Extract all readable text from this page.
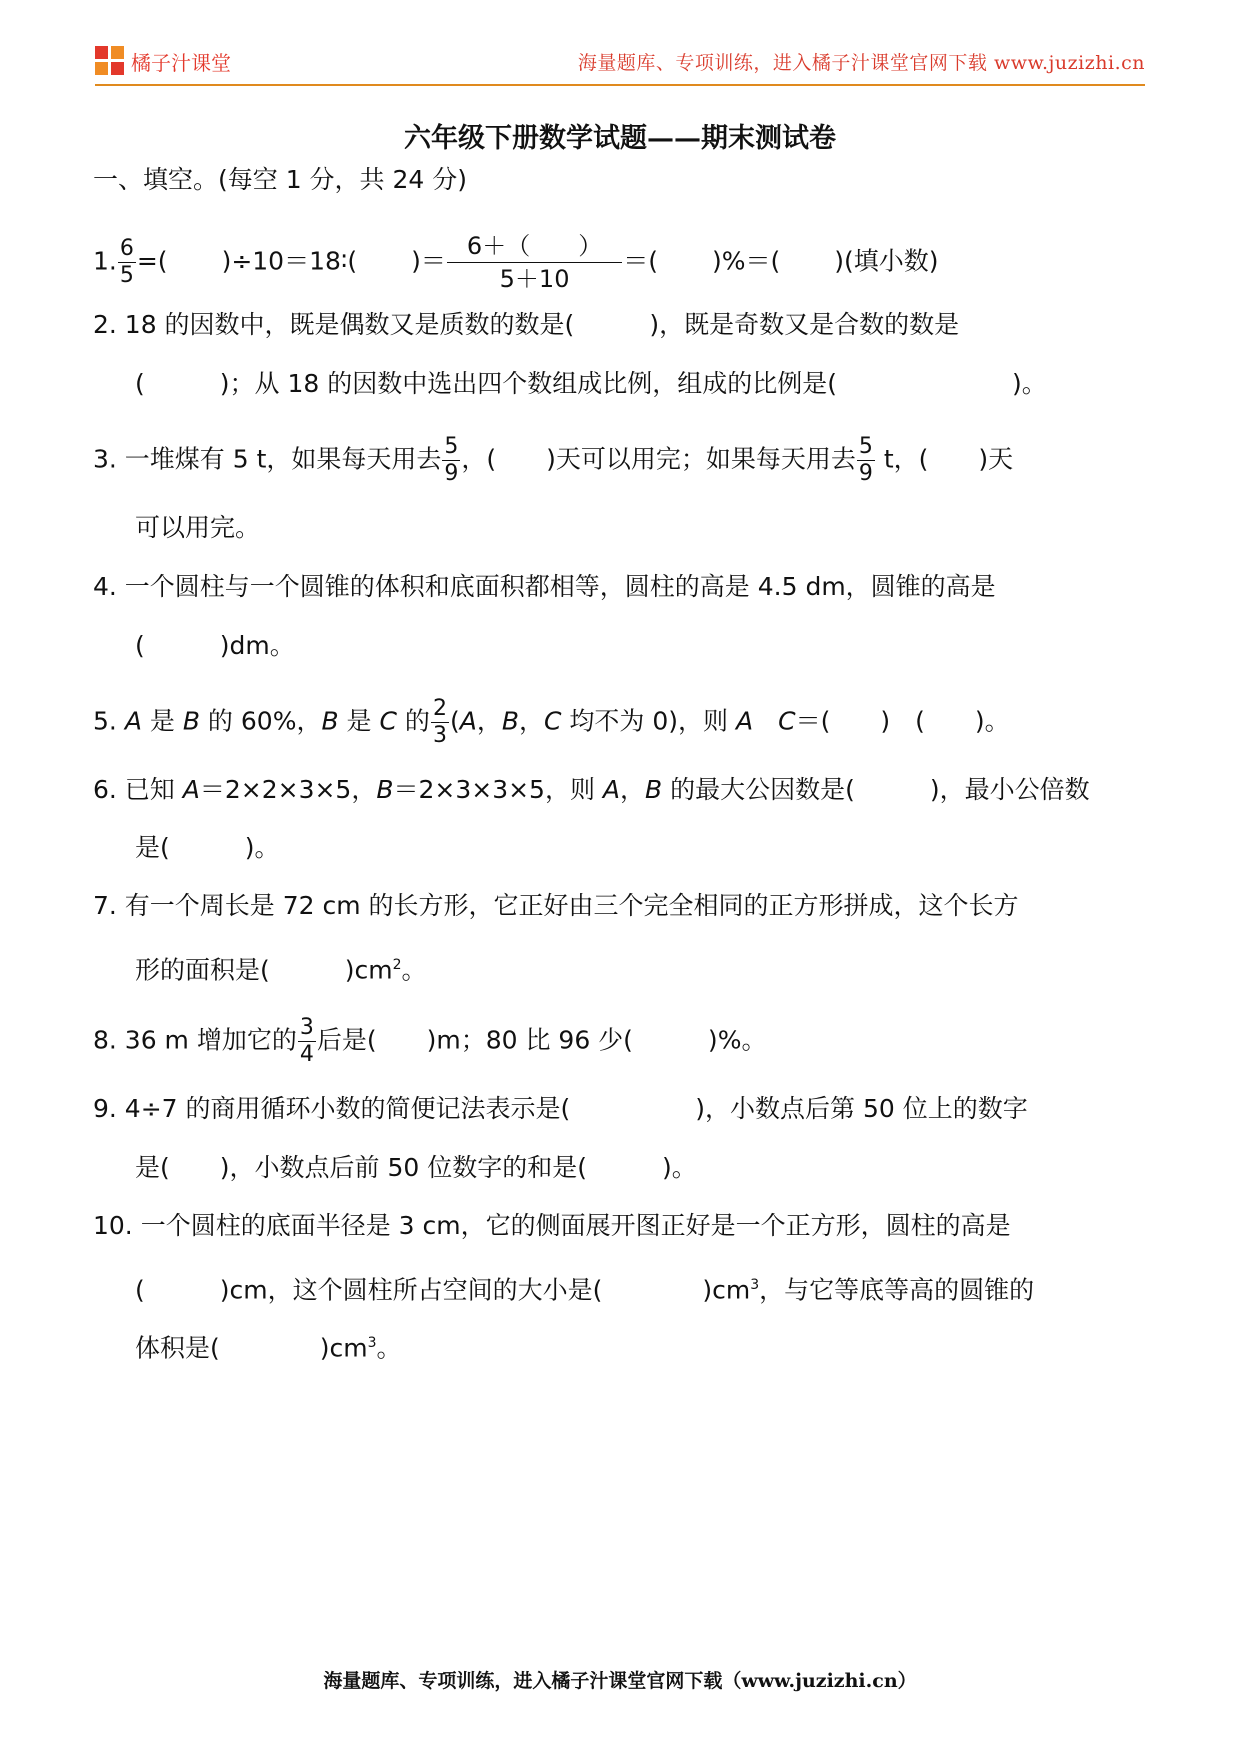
橘子汁课堂	海量题库、专项训练，进入橘子汁课堂官网下载 www.juzizhi.cn
六年级下册数学试题——期末测试卷
一、填空。(每空 1 分，共 24 分)
1. $\frac{6}{5}$ =( )÷10＝18∶( )＝ $\frac{6+( )}{5+10}$ ＝( )%＝( )(填小数)
2. 18 的因数中，既是偶数又是质数的数是(　　　)，既是奇数又是合数的数是
(　　　)；从 18 的因数中选出四个数组成比例，组成的比例是(　　　　　　　)。
3. 一堆煤有 5 t，如果每天用去 $\frac{5}{9}$ ，(　　)天可以用完；如果每天用去 $\frac{5}{9}$ t，(　　)天
可以用完。
4. 一个圆柱与一个圆锥的体积和底面积都相等，圆柱的高是 4.5 dm，圆锥的高是
(　　　)dm。
5. A 是 B 的 60%，B 是 C 的 $\frac{2}{3} (A$，B，C 均不为 0)，则 A　 C＝(　　)　(　　)。
6. 已知 A＝2×2×3×5，B＝2×3×3×5，则 A，B 的最大公因数是(　　　)，最小公倍数
是(　　　)。
7. 有一个周长是 72 cm 的长方形，它正好由三个完全相同的正方形拼成，这个长方
形的面积是(　　　)$cm^2$。
8. 36 m 增加它的 $\frac{3}{4}$ 后是(　　)m；80 比 96 少(　　　)%。
9. 4÷7 的商用循环小数的简便记法表示是(　　　　　)，小数点后第 50 位上的数字
是(　　)，小数点后前 50 位数字的和是(　　　)。
10. 一个圆柱的底面半径是 3 cm，它的侧面展开图正好是一个正方形，圆柱的高是
(　　　)cm，这个圆柱所占空间的大小是(　　　　)$cm^3$，与它等底等高的圆锥的
体积是(　　　　)$cm^3$。
海量题库、专项训练，进入橘子汁课堂官网下载（www.juzizhi.cn）
